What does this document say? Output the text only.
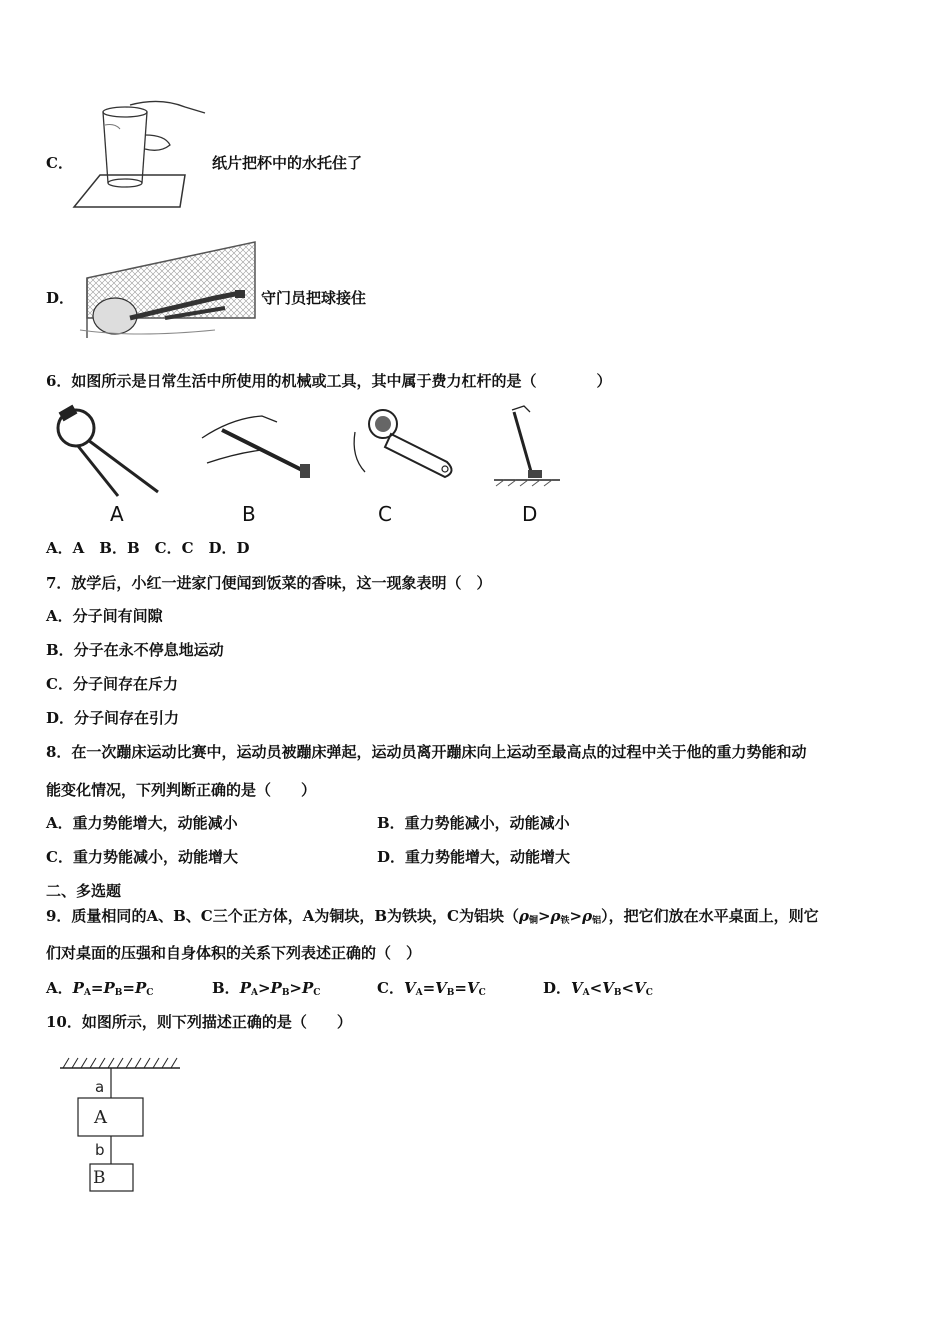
C．	纸片把杯中的水托住了
D．	守门员把球接住
6．如图所示是日常生活中所使用的机械或工具，其中属于费力杠杆的是（　　　　）
A	B	C	D
A．A　B．B　C．C　D．D
7．放学后，小红一进家门便闻到饭菜的香味，这一现象表明（　）
A．分子间有间隙
B．分子在永不停息地运动
C．分子间存在斥力
D．分子间存在引力
8．在一次蹦床运动比赛中，运动员被蹦床弹起，运动员离开蹦床向上运动至最高点的过程中关于他的重力势能和动
能变化情况，下列判断正确的是（　　）
A．重力势能增大，动能减小	B．重力势能减小，动能减小
C．重力势能减小，动能增大	D．重力势能增大，动能增大
二、多选题
9．质量相同的A、B、C三个正方体，A为铜块，B为铁块，C为铝块$(\rho_铜>\rho_铁>\rho_铝)$，把它们放在水平桌面上，则它
们对桌面的压强和自身体积的关系下列表述正确的（　）
A．$P_A=P_B=P_C$	B．$P_A>P_B>P_C$	C．$V_A=V_B=V_C$	D．$V_A<V_B<V_C$
10．如图所示，则下列描述正确的是（　　）
a
A
b
B
